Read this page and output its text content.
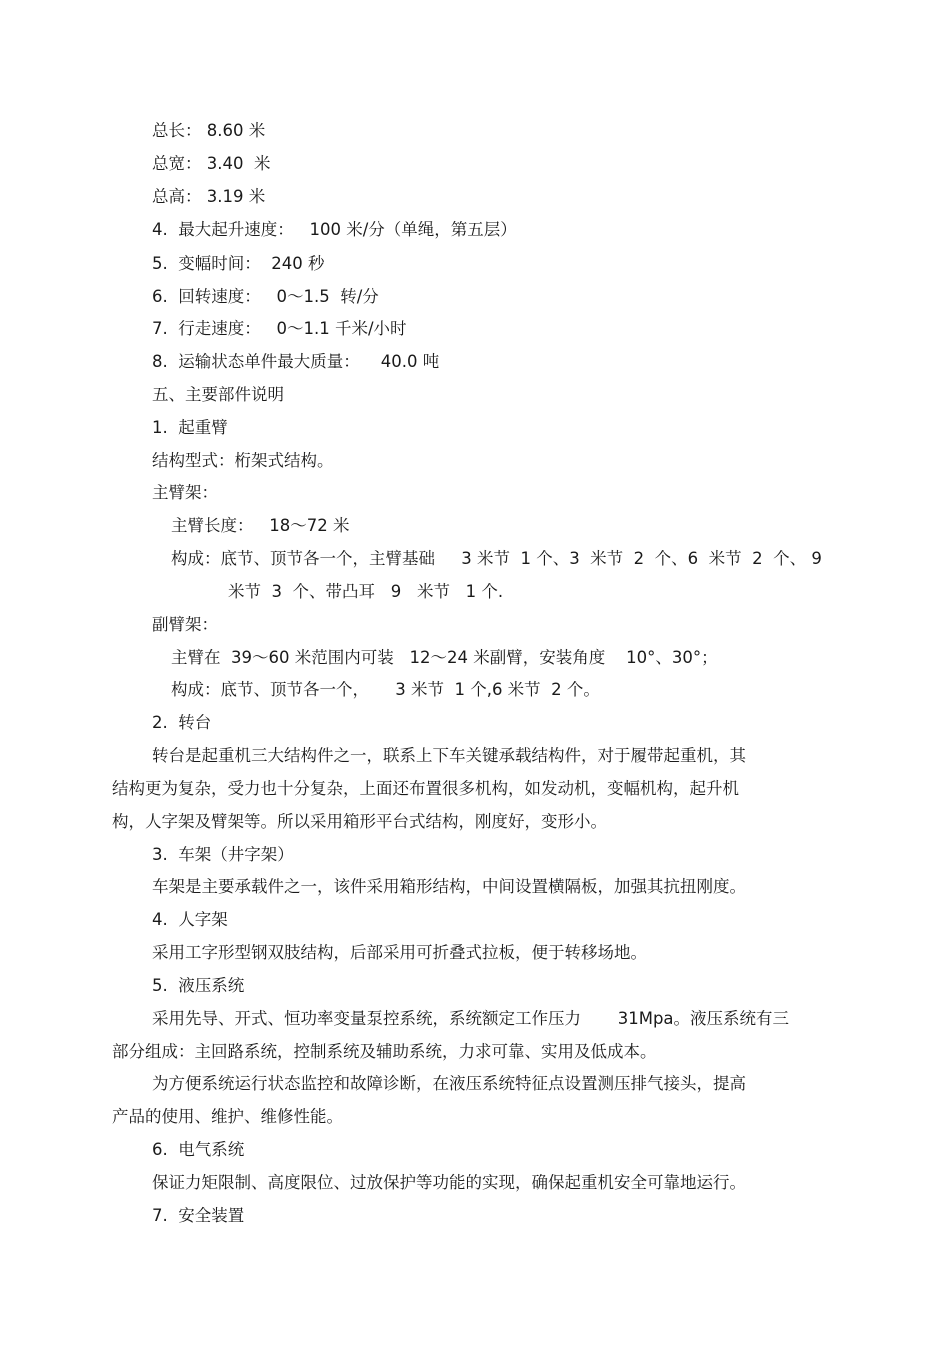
总长： 8.60 米

总宽： 3.40  米

总高： 3.19 米

4.  最大起升速度：   100 米/分（单绳，第五层）

5.  变幅时间：  240 秒

6.  回转速度：   0～1.5  转/分

7.  行走速度：   0～1.1 千米/小时

8.  运输状态单件最大质量：    40.0 吨

五、主要部件说明

1.  起重臂

结构型式：桁架式结构。

主臂架：

主臂长度：   18～72 米

构成：底节、顶节各一个，主臂基础     3 米节  1 个、3  米节  2  个、6  米节  2  个、 9

米节  3  个、带凸耳   9   米节   1 个.

副臂架：

主臂在  39～60 米范围内可装   12～24 米副臂，安装角度    10°、30°；

构成：底节、顶节各一个，     3 米节  1 个,6 米节  2 个。

2.  转台

转台是起重机三大结构件之一，联系上下车关键承载结构件，对于履带起重机，其

结构更为复杂，受力也十分复杂，上面还布置很多机构，如发动机，变幅机构，起升机

构，人字架及臂架等。所以采用箱形平台式结构，刚度好，变形小。

3.  车架（井字架）

车架是主要承载件之一，该件采用箱形结构，中间设置横隔板，加强其抗扭刚度。

4.  人字架

采用工字形型钢双肢结构，后部采用可折叠式拉板，便于转移场地。

5.  液压系统

采用先导、开式、恒功率变量泵控系统，系统额定工作压力       31Mpa。液压系统有三

部分组成：主回路系统，控制系统及辅助系统，力求可靠、实用及低成本。

为方便系统运行状态监控和故障诊断，在液压系统特征点设置测压排气接头，提高

产品的使用、维护、维修性能。

6.  电气系统

保证力矩限制、高度限位、过放保护等功能的实现，确保起重机安全可靠地运行。

7.  安全装置
